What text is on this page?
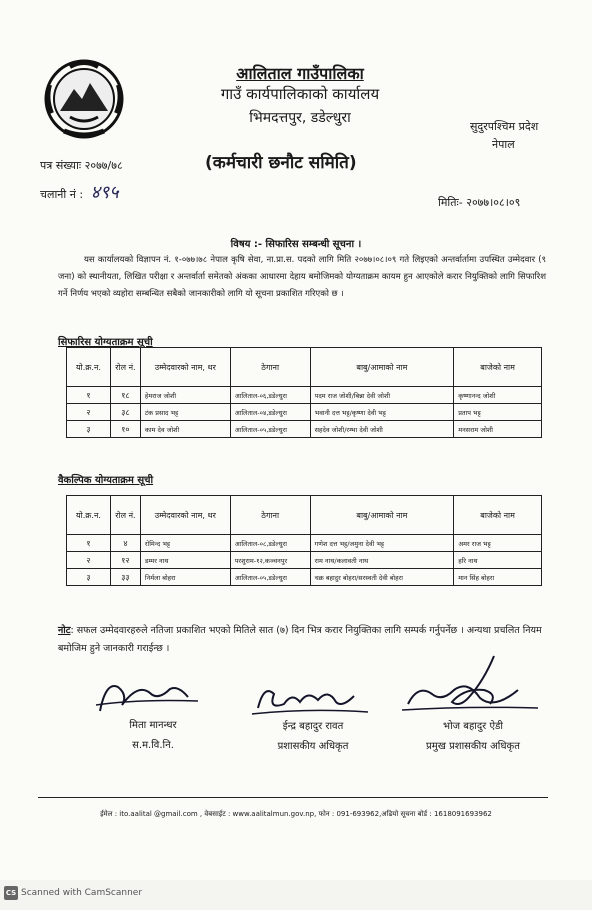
आलिताल गाउँपालिका
गाउँ कार्यपालिकाको कार्यालय
भिमदत्तपुर, डडेल्धुरा
सुदुरपश्चिम प्रदेश
नेपाल
(कर्मचारी छनौट समिति)
पत्र संख्याः २०७७/७८
चलानी नं : ४९५	मितिः- २०७७।०८।०९
विषय :- सिफारिस सम्बन्धी सूचना ।
यस कार्यालयको विज्ञापन नं. १-०७७।७८ नेपाल कृषि सेवा, ना.प्रा.स. पदको लागि मिति २०७७।०८।०९ गते लिइएको अन्तर्वार्तामा उपस्थित उम्मेदवार (९ जना) को स्थानीयता, लिखित परीक्षा र अन्तर्वार्ता समेतको अंकका आधारमा देहाय बमोजिमको योग्यताक्रम कायम हुन आएकोले करार नियुक्तिको लागि सिफारिश गर्ने निर्णय भएको व्यहोरा सम्बन्धित सबैको जानकारीको लागि यो सूचना प्रकाशित गरिएको छ ।
सिफारिस योग्यताक्रम सूची
यो.क्र.न.	रोल नं.	उम्मेदवारको नाम, थर	ठेगाना	बाबु/आमाको नाम	बाजेको नाम
१	१८	हेमराज जोशी	आलिताल-०६,डडेल्धुरा	पदम राज जोशी/बिन्ना देवी जोशी	कृष्णानन्द जोशी
२	३८	टंक प्रसाद भट्ट	आलिताल-०४,डडेल्धुरा	भवानी दत्त भट्ट/कृष्णा देवी भट्ट	प्रताप भट्ट
३	१०	काम देव जोशी	आलिताल-०५,डडेल्धुरा	सहदेव जोशी/रम्भा देवी जोशी	मनसराम जोशी
वैकल्पिक योग्यताक्रम सूची
यो.क्र.न.	रोल नं.	उम्मेदवारको नाम, थर	ठेगाना	बाबु/आमाको नाम	बाजेको नाम
१	४	रोमिन्द भट्ट	आलिताल-०८,डडेल्धुरा	गणेश दत्त भट्ट/जमुना देवी भट्ट	अमर राज भट्ट
२	१२	डम्मर नाथ	परशुराम-१२,कञ्चनपुर	राम नाथ/कलावती नाथ	हरि नाथ
३	३३	निर्मला बोहरा	आलिताल-०५,डडेल्धुरा	चक्र बहादुर बोहरा/सरस्वती देवी बोहरा	मान सिंह बोहरा
नोट: सफल उम्मेदवारहरुले नतिजा प्रकाशित भएको मितिले सात (७) दिन भित्र करार नियुक्तिका लागि सम्पर्क गर्नुपर्नेछ । अन्यथा प्रचलित नियम बमोजिम हुने जानकारी गराईन्छ ।
मिता मानन्धर
स.म.वि.नि.
ईन्द्र बहादुर रावत
प्रशासकीय अधिकृत
भोज बहादुर ऐडी
प्रमुख प्रशासकीय अधिकृत
ईमेल : ito.aalital @gmail.com , वेबसाईट : www.aalitalmun.gov.np, फोन : 091-693962,अढियो सूचना बोर्ड : 1618091693962
CS Scanned with CamScanner
